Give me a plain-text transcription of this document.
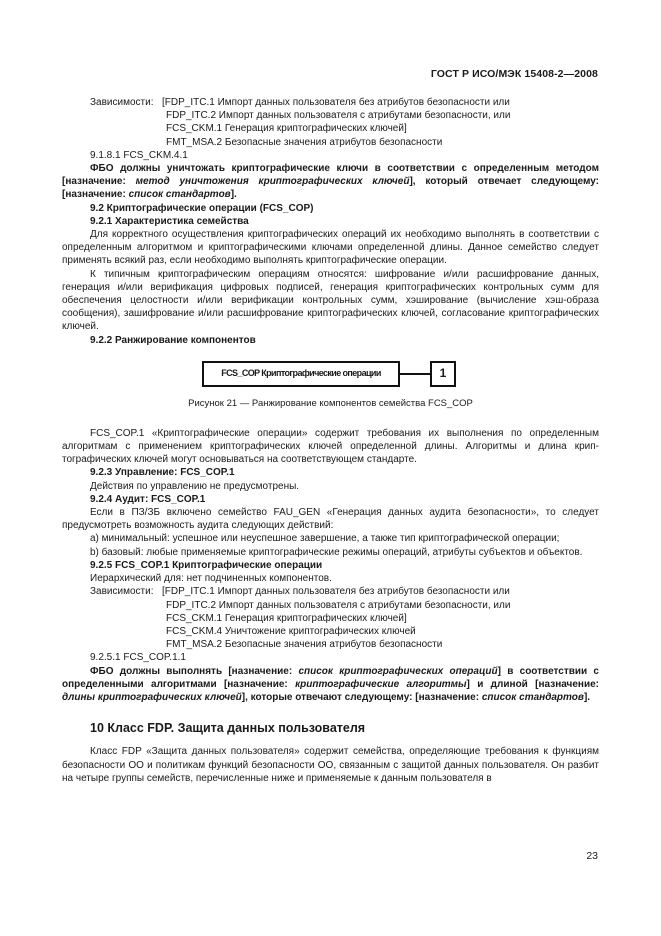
ГОСТ Р ИСО/МЭК 15408-2—2008
Зависимости: [FDP_ITC.1 Импорт данных пользователя без атрибутов безопасности или
FDP_ITC.2 Импорт данных пользователя с атрибутами безопасности, или
FCS_CKM.1 Генерация криптографических ключей]
FMT_MSA.2 Безопасные значения атрибутов безопасности

9.1.8.1 FCS_CKM.4.1

ФБО должны уничтожать криптографические ключи в соответствии с определенным методом [назначение: метод уничтожения криптографических ключей], который отвечает следующему: [назначение: список стандартов].

9.2 Криптографические операции (FCS_COP)

9.2.1 Характеристика семейства

Для корректного осуществления криптографических операций их необходимо выполнять в соответствии с определенным алгоритмом и криптографическими ключами определенной длины. Данное семейство следует применять всякий раз, если необходимо выполнять криптографические операции.

К типичным криптографическим операциям относятся: шифрование и/или расшифрование данных, генерация и/или верификация цифровых подписей, генерация криптографических контрольных сумм для обеспечения целостности и/или верификации контрольных сумм, хэширование (вычисление хэш-образа сообщения), зашифрование и/или расшифрование криптографических ключей, согласование криптографических ключей.

9.2.2 Ранжирование компонентов

FCS_COP Криптографические операции	1
Рисунок 21 — Ранжирование компонентов семейства FCS_COP

FCS_COP.1 «Криптографические операции» содержит требования их выполнения по определенным алгоритмам с применением криптографических ключей определенной длины. Алгоритмы и длина криптографических ключей могут основываться на соответствующем стандарте.

9.2.3 Управление: FCS_COP.1

Действия по управлению не предусмотрены.

9.2.4 Аудит: FCS_COP.1

Если в ПЗ/ЗБ включено семейство FAU_GEN «Генерация данных аудита безопасности», то следует предусмотреть возможность аудита следующих действий:

а) минимальный: успешное или неуспешное завершение, а также тип криптографической операции;

b) базовый: любые применяемые криптографические режимы операций, атрибуты субъектов и объектов.

9.2.5 FCS_COP.1 Криптографические операции

Иерархический для: нет подчиненных компонентов.

Зависимости: [FDP_ITC.1 Импорт данных пользователя без атрибутов безопасности или
FDP_ITC.2 Импорт данных пользователя с атрибутами безопасности, или
FCS_CKM.1 Генерация криптографических ключей]
FCS_CKM.4 Уничтожение криптографических ключей
FMT_MSA.2 Безопасные значения атрибутов безопасности

9.2.5.1 FCS_COP.1.1

ФБО должны выполнять [назначение: список криптографических операций] в соответствии с определенными алгоритмами [назначение: криптографические алгоритмы] и длиной [назначение: длины криптографических ключей], которые отвечают следующему: [назначение: список стандартов].

10 Класс FDP. Защита данных пользователя

Класс FDP «Защита данных пользователя» содержит семейства, определяющие требования к функциям безопасности ОО и политикам функций безопасности ОО, связанным с защитой данных пользователя. Он разбит на четыре группы семейств, перечисленные ниже и применяемые к данным пользователя в

23
